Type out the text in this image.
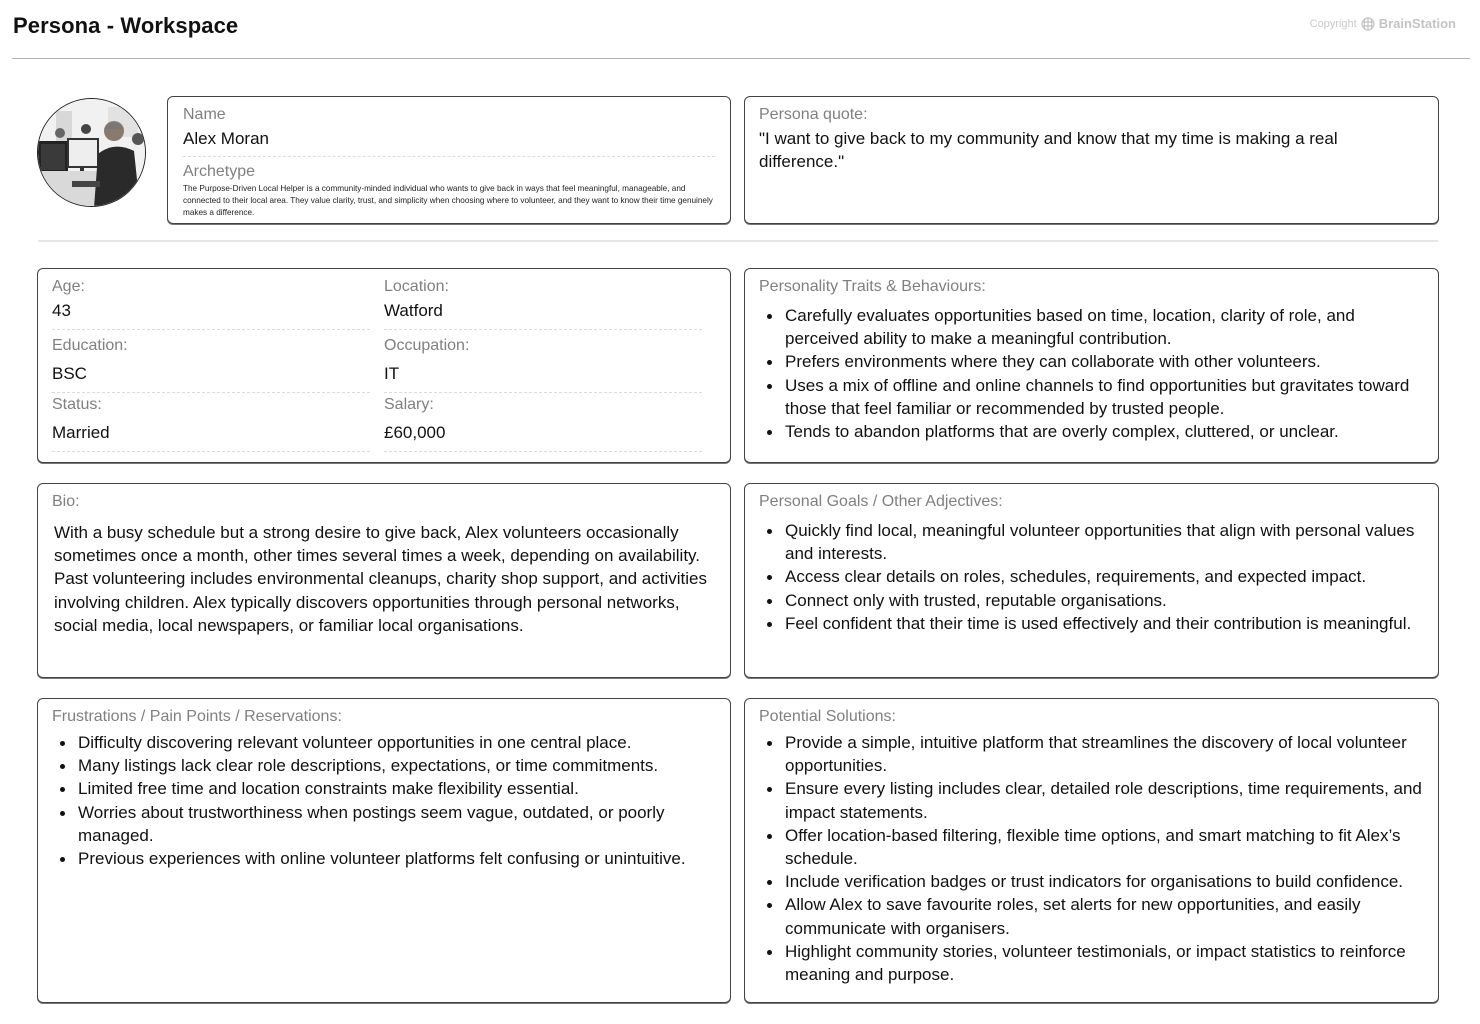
Persona - Workspace	Copyright BrainStation
Name
Alex Moran
Archetype
The Purpose-Driven Local Helper is a community-minded individual who wants to give back in ways that feel meaningful, manageable, and connected to their local area. They value clarity, trust, and simplicity when choosing where to volunteer, and they want to know their time genuinely makes a difference.
Persona quote:
"I want to give back to my community and know that my time is making a real difference."
Age:
43
Location:
Watford
Education:
BSC
Occupation:
IT
Status:
Married
Salary:
£60,000
Personality Traits & Behaviours:
Carefully evaluates opportunities based on time, location, clarity of role, and perceived ability to make a meaningful contribution.
Prefers environments where they can collaborate with other volunteers.
Uses a mix of offline and online channels to find opportunities but gravitates toward those that feel familiar or recommended by trusted people.
Tends to abandon platforms that are overly complex, cluttered, or unclear.
Bio:
With a busy schedule but a strong desire to give back, Alex volunteers occasionally sometimes once a month, other times several times a week, depending on availability. Past volunteering includes environmental cleanups, charity shop support, and activities involving children. Alex typically discovers opportunities through personal networks, social media, local newspapers, or familiar local organisations.
Personal Goals / Other Adjectives:
Quickly find local, meaningful volunteer opportunities that align with personal values and interests.
Access clear details on roles, schedules, requirements, and expected impact.
Connect only with trusted, reputable organisations.
Feel confident that their time is used effectively and their contribution is meaningful.
Frustrations / Pain Points / Reservations:
Difficulty discovering relevant volunteer opportunities in one central place.
Many listings lack clear role descriptions, expectations, or time commitments.
Limited free time and location constraints make flexibility essential.
Worries about trustworthiness when postings seem vague, outdated, or poorly managed.
Previous experiences with online volunteer platforms felt confusing or unintuitive.
Potential Solutions:
Provide a simple, intuitive platform that streamlines the discovery of local volunteer opportunities.
Ensure every listing includes clear, detailed role descriptions, time requirements, and impact statements.
Offer location-based filtering, flexible time options, and smart matching to fit Alex’s schedule.
Include verification badges or trust indicators for organisations to build confidence.
Allow Alex to save favourite roles, set alerts for new opportunities, and easily communicate with organisers.
Highlight community stories, volunteer testimonials, or impact statistics to reinforce meaning and purpose.
